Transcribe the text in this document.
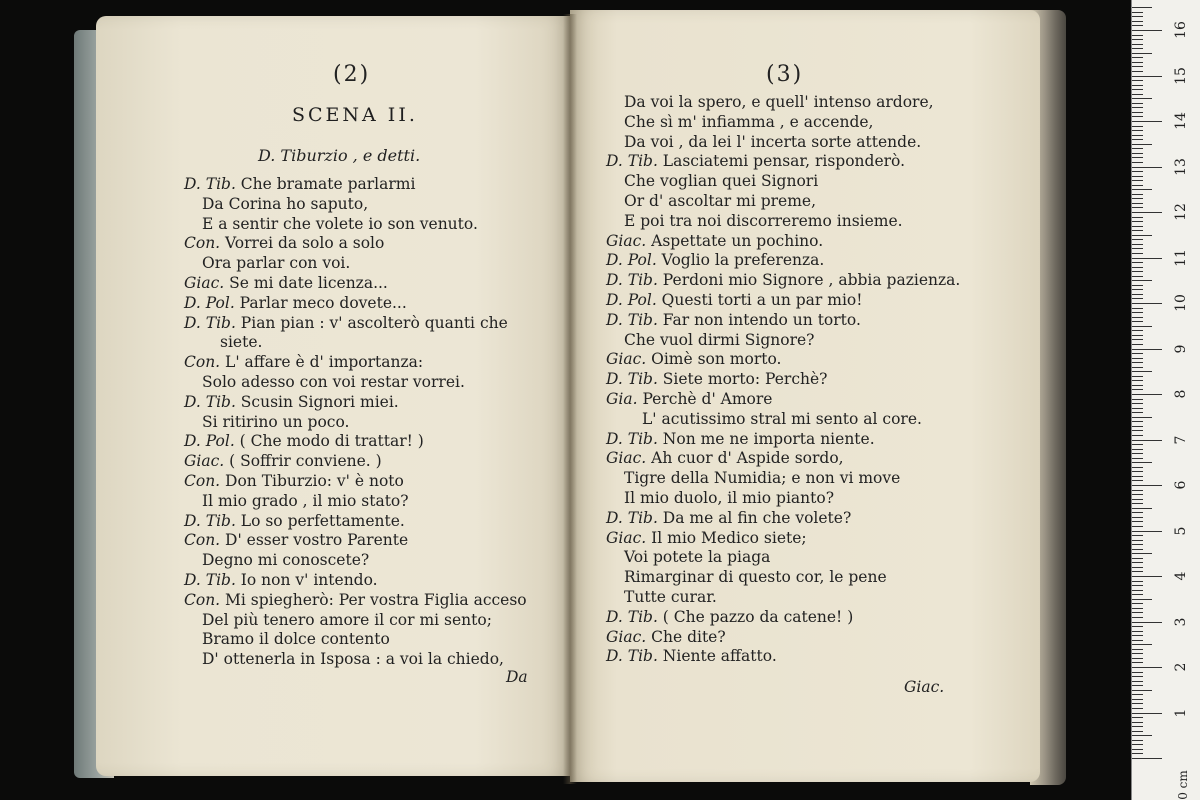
(2)
SCENA II.
D. Tiburzio , e detti.
D. Tib. Che bramate parlarmi
Da Corina ho saputo,
E a sentir che volete io son venuto.
Con. Vorrei da solo a solo
Ora parlar con voi.
Giac. Se mi date licenza...
D. Pol. Parlar meco dovete...
D. Tib. Pian pian : v' ascolterò quanti che
siete.
Con. L' affare è d' importanza:
Solo adesso con voi restar vorrei.
D. Tib. Scusin Signori miei.
Si ritirino un poco.
D. Pol. ( Che modo di trattar! )
Giac. ( Soffrir conviene. )
Con. Don Tiburzio: v' è noto
Il mio grado , il mio stato?
D. Tib. Lo so perfettamente.
Con. D' esser vostro Parente
Degno mi conoscete?
D. Tib. Io non v' intendo.
Con. Mi spiegherò: Per vostra Figlia acceso
Del più tenero amore il cor mi sento;
Bramo il dolce contento
D' ottenerla in Isposa : a voi la chiedo,
Da
(3)
Da voi la spero, e quell' intenso ardore,
Che sì m' infiamma , e accende,
Da voi , da lei l' incerta sorte attende.
D. Tib. Lasciatemi pensar, risponderò.
Che voglian quei Signori
Or d' ascoltar mi preme,
E poi tra noi discorreremo insieme.
Giac. Aspettate un pochino.
D. Pol. Voglio la preferenza.
D. Tib. Perdoni mio Signore , abbia pazienza.
D. Pol. Questi torti a un par mio!
D. Tib. Far non intendo un torto.
Che vuol dirmi Signore?
Giac. Oimè son morto.
D. Tib. Siete morto: Perchè?
Gia. Perchè d' Amore
L' acutissimo stral mi sento al core.
D. Tib. Non me ne importa niente.
Giac. Ah cuor d' Aspide sordo,
Tigre della Numidia; e non vi move
Il mio duolo, il mio pianto?
D. Tib. Da me al fin che volete?
Giac. Il mio Medico siete;
Voi potete la piaga
Rimarginar di questo cor, le pene
Tutte curar.
D. Tib. ( Che pazzo da catene! )
Giac. Che dite?
D. Tib. Niente affatto.
Giac.
1
2
3
4
5
6
7
8
9
10
11
12
13
14
15
16
0 cm
